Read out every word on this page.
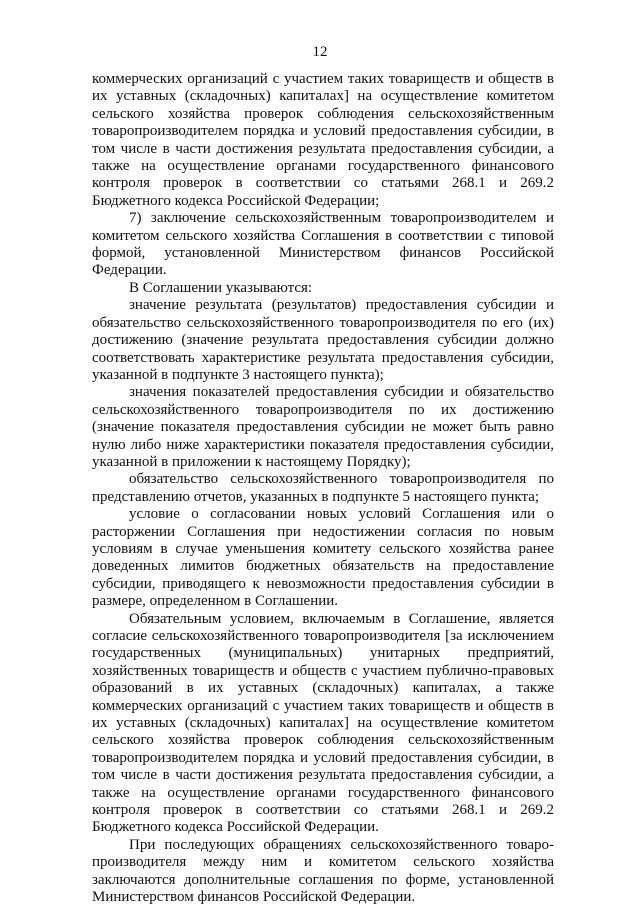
12

коммерческих организаций с участием таких товариществ и обществ в их уставных (складочных) капиталах] на осуществление комитетом сельского хозяйства проверок соблюдения сельскохозяйственным товаропроизводителем порядка и условий предоставления субсидии, в том числе в части достижения результата предоставления субсидии, а также на осуществление органами государственного финансового контроля проверок в соответствии со статьями 268.1 и 269.2 Бюджетного кодекса Российской Федерации;

7) заключение сельскохозяйственным товаропроизводителем и комитетом сельского хозяйства Соглашения в соответствии с типовой формой, установленной Министерством финансов Российской Федерации.

В Соглашении указываются:

значение результата (результатов) предоставления субсидии и обязательство сельскохозяйственного товаропроизводителя по его (их) достижению (значение результата предоставления субсидии должно соответствовать характеристике результата предоставления субсидии, указанной в подпункте 3 настоящего пункта);

значения показателей предоставления субсидии и обязательство сельскохозяйственного товаропроизводителя по их достижению (значение показателя предоставления субсидии не может быть равно нулю либо ниже характеристики показателя предоставления субсидии, указанной в приложении к настоящему Порядку);

обязательство сельскохозяйственного товаропроизводителя по представлению отчетов, указанных в подпункте 5 настоящего пункта;

условие о согласовании новых условий Соглашения или о расторжении Соглашения при недостижении согласия по новым условиям в случае уменьшения комитету сельского хозяйства ранее доведенных лимитов бюджетных обязательств на предоставление субсидии, приводящего к невозможности предоставления субсидии в размере, определенном в Соглашении.

Обязательным условием, включаемым в Соглашение, является согласие сельскохозяйственного товаропроизводителя [за исключением государственных (муниципальных) унитарных предприятий, хозяйственных товариществ и обществ с участием публично-правовых образований в их уставных (складочных) капиталах, а также коммерческих организаций с участием таких товариществ и обществ в их уставных (складочных) капиталах] на осуществление комитетом сельского хозяйства проверок соблюдения сельскохозяйственным товаропроизводителем порядка и условий предоставления субсидии, в том числе в части достижения результата предоставления субсидии, а также на осуществление органами государственного финансового контроля проверок в соответствии со статьями 268.1 и 269.2 Бюджетного кодекса Российской Федерации.

При последующих обращениях сельскохозяйственного товаропроизводителя между ним и комитетом сельского хозяйства заключаются дополнительные соглашения по форме, установленной Министерством финансов Российской Федерации.
